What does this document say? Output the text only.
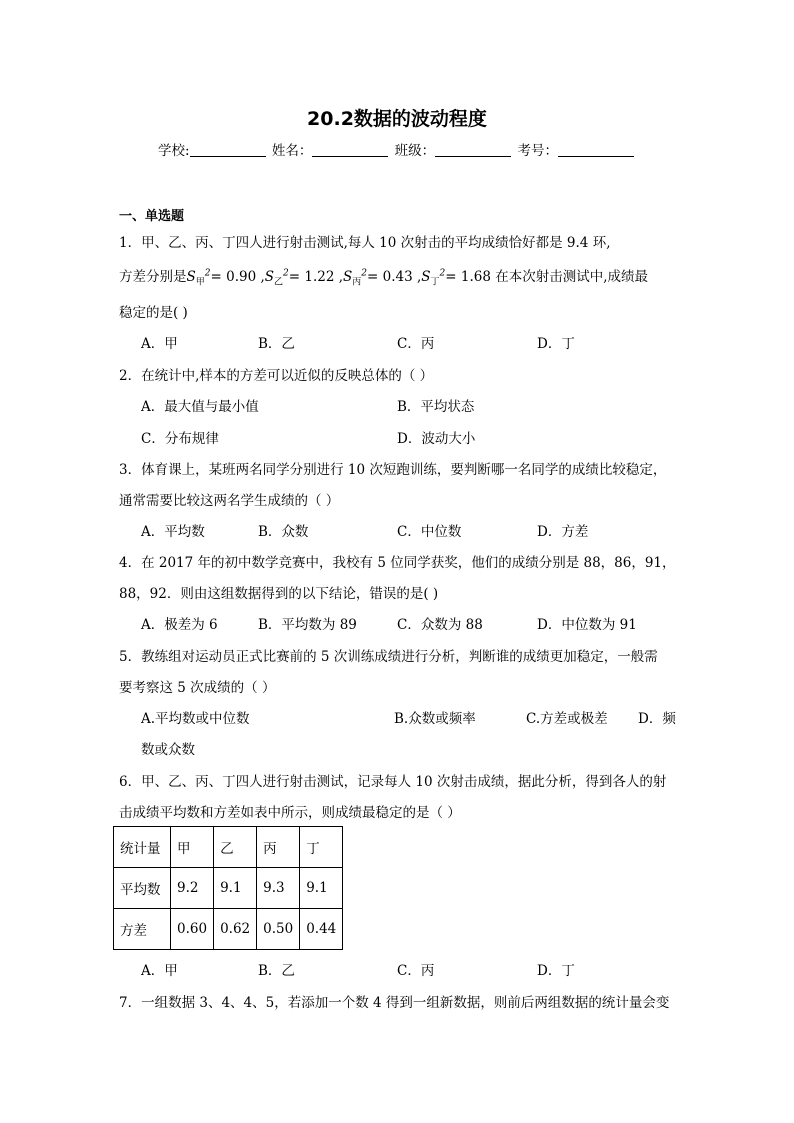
20.2数据的波动程度
学校:	姓名：	班级：	考号：
一、单选题
1．甲、乙、丙、丁四人进行射击测试,每人 10 次射击的平均成绩恰好都是 9.4 环,
方差分别是$S_甲^2= 0.90$ $,S_乙^2= 1.22$ $,S_丙^2= 0.43$ $,S_丁^2= 1.68$ 在本次射击测试中,成绩最
稳定的是( )
A．甲	B．乙	C．丙	D．丁
2．在统计中,样本的方差可以近似的反映总体的（ ）
A．最大值与最小值	B．平均状态
C．分布规律	D．波动大小
3．体育课上，某班两名同学分别进行 10 次短跑训练，要判断哪一名同学的成绩比较稳定，
通常需要比较这两名学生成绩的（ ）
A．平均数	B．众数	C．中位数	D．方差
4．在 2017 年的初中数学竞赛中，我校有 5 位同学获奖，他们的成绩分别是 88，86，91，
88，92．则由这组数据得到的以下结论，错误的是( )
A．极差为 6	B．平均数为 89	C．众数为 88	D．中位数为 91
5．教练组对运动员正式比赛前的 5 次训练成绩进行分析，判断谁的成绩更加稳定，一般需
要考察这 5 次成绩的（ ）
A.平均数或中位数	B.众数或频率	C.方差或极差 D．频
数或众数
6．甲、乙、丙、丁四人进行射击测试，记录每人 10 次射击成绩，据此分析，得到各人的射
击成绩平均数和方差如表中所示，则成绩最稳定的是（ ）
统计量	甲	乙	丙	丁
平均数	9.2	9.1	9.3	9.1
方差	0.60	0.62	0.50	0.44
A．甲	B．乙	C．丙	D．丁
7．一组数据 3、4、4、5，若添加一个数 4 得到一组新数据，则前后两组数据的统计量会变
